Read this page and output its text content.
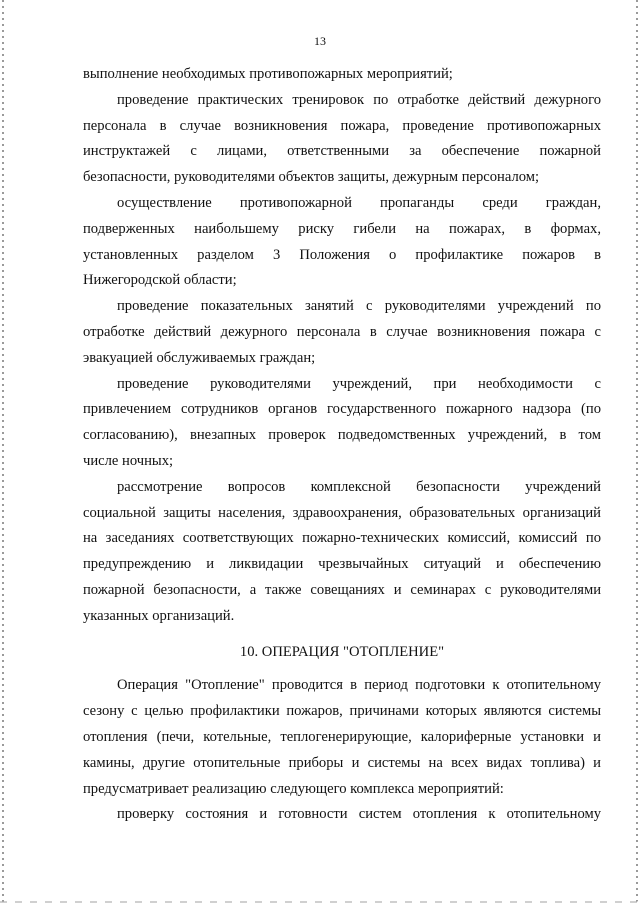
13
выполнение необходимых противопожарных мероприятий;
проведение практических тренировок по отработке действий дежурного
персонала в случае возникновения пожара, проведение противопожарных
инструктажей с лицами, ответственными за обеспечение пожарной
безопасности, руководителями объектов защиты, дежурным персоналом;
осуществление противопожарной пропаганды среди граждан,
подверженных наибольшему риску гибели на пожарах, в формах,
установленных разделом 3 Положения о профилактике пожаров в
Нижегородской области;
проведение показательных занятий с руководителями учреждений по
отработке действий дежурного персонала в случае возникновения пожара с
эвакуацией обслуживаемых граждан;
проведение руководителями учреждений, при необходимости с
привлечением сотрудников органов государственного пожарного надзора (по
согласованию), внезапных проверок подведомственных учреждений, в том
числе ночных;
рассмотрение вопросов комплексной безопасности учреждений
социальной защиты населения, здравоохранения, образовательных организаций
на заседаниях соответствующих пожарно-технических комиссий, комиссий по
предупреждению и ликвидации чрезвычайных ситуаций и обеспечению
пожарной безопасности, а также совещаниях и семинарах с руководителями
указанных организаций.
10. ОПЕРАЦИЯ "ОТОПЛЕНИЕ"
Операция "Отопление" проводится в период подготовки к отопительному
сезону с целью профилактики пожаров, причинами которых являются системы
отопления (печи, котельные, теплогенерирующие, калориферные установки и
камины, другие отопительные приборы и системы на всех видах топлива) и
предусматривает реализацию следующего комплекса мероприятий:
проверку состояния и готовности систем отопления к отопительному
